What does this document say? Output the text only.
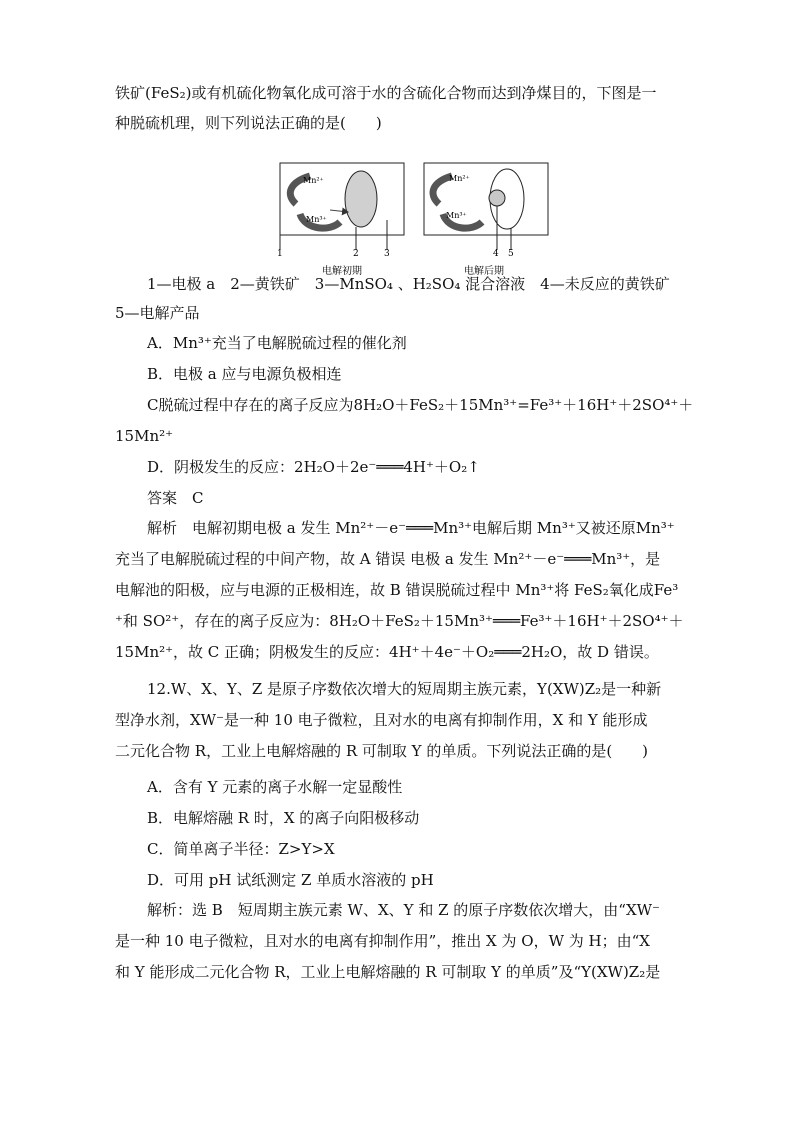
铁矿(FeS₂)或有机硫化物氧化成可溶于水的含硫化合物而达到净煤目的，下图是一
种脱硫机理，则下列说法正确的是(　　)
1—电极 a　2—黄铁矿　3—MnSO₄ 、H₂SO₄ 混合溶液　4—未反应的黄铁矿
5—电解产品
A．Mn³⁺充当了电解脱硫过程的催化剂
B．电极 a 应与电源负极相连
C脱硫过程中存在的离子反应为8H₂O＋FeS₂＋15Mn³⁺=Fe³⁺＋16H⁺＋2SO⁴⁺＋
15Mn²⁺
D．阴极发生的反应：2H₂O＋2e⁻═══4H⁺＋O₂↑
答案　C
解析　电解初期电极 a 发生 Mn²⁺－e⁻═══Mn³⁺电解后期 Mn³⁺又被还原Mn³⁺
充当了电解脱硫过程的中间产物，故 A 错误 电极 a 发生 Mn²⁺－e⁻═══Mn³⁺，是
电解池的阳极，应与电源的正极相连，故 B 错误脱硫过程中 Mn³⁺将 FeS₂氧化成Fe³
⁺和 SO²⁺，存在的离子反应为：8H₂O＋FeS₂＋15Mn³⁺═══Fe³⁺＋16H⁺＋2SO⁴⁺＋
15Mn²⁺，故 C 正确；阴极发生的反应：4H⁺＋4e⁻＋O₂═══2H₂O，故 D 错误。
12.W、X、Y、Z 是原子序数依次增大的短周期主族元素，Y(XW)Z₂是一种新
型净水剂，XW⁻是一种 10 电子微粒，且对水的电离有抑制作用，X 和 Y 能形成
二元化合物 R，工业上电解熔融的 R 可制取 Y 的单质。下列说法正确的是(　　)
A．含有 Y 元素的离子水解一定显酸性
B．电解熔融 R 时，X 的离子向阳极移动
C．简单离子半径：Z>Y>X
D．可用 pH 试纸测定 Z 单质水溶液的 pH
解析：选 B　短周期主族元素 W、X、Y 和 Z 的原子序数依次增大，由“XW⁻
是一种 10 电子微粒，且对水的电离有抑制作用”，推出 X 为 O，W 为 H；由“X
和 Y 能形成二元化合物 R，工业上电解熔融的 R 可制取 Y 的单质”及“Y(XW)Z₂是
Mn²⁺
Mn³⁺
1	2	3
电解初期
Mn²⁺
Mn³⁺
4 5
电解后期
